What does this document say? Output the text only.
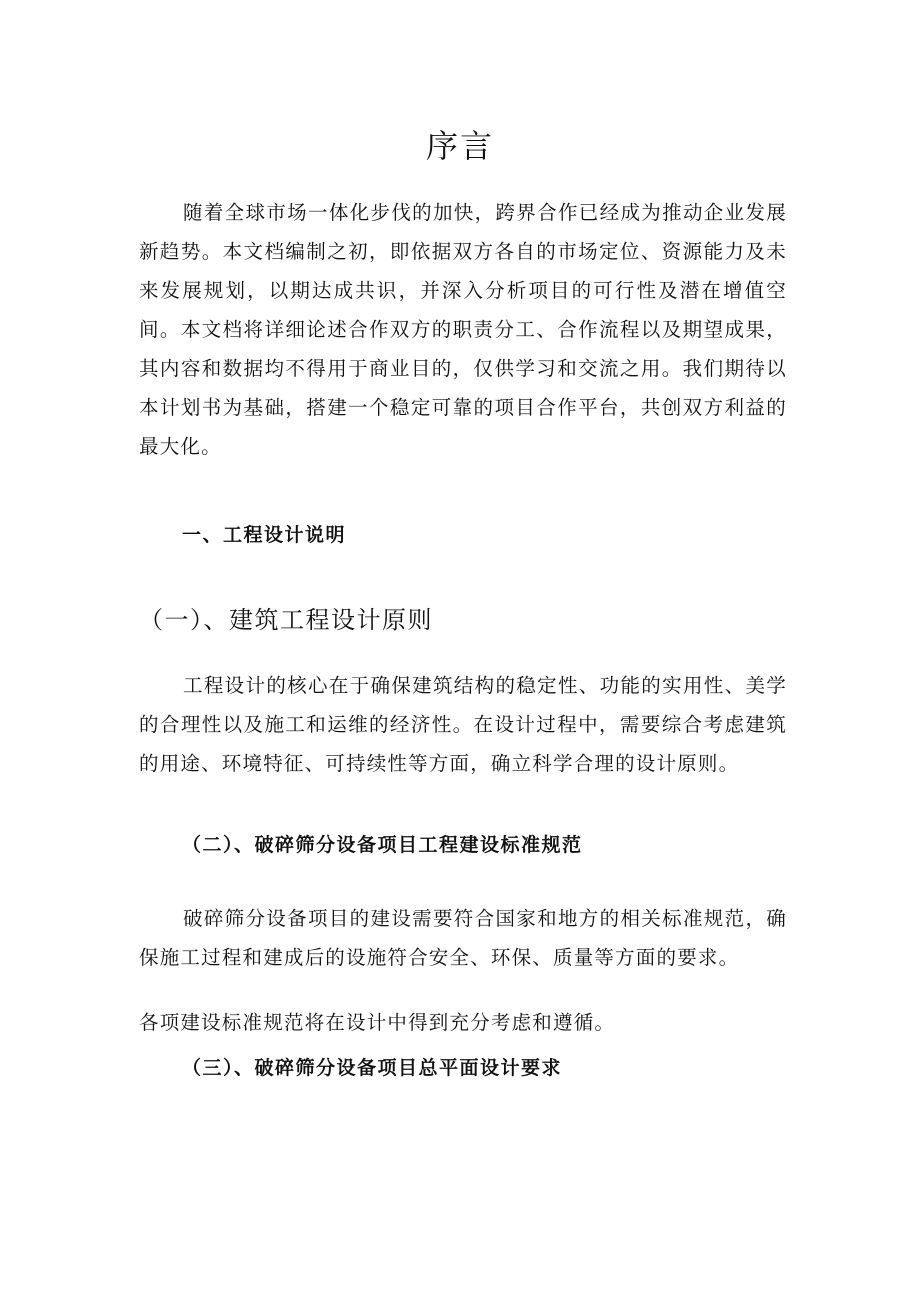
序言

随着全球市场一体化步伐的加快，跨界合作已经成为推动企业发展新趋势。本文档编制之初，即依据双方各自的市场定位、资源能力及未来发展规划，以期达成共识，并深入分析项目的可行性及潜在增值空间。本文档将详细论述合作双方的职责分工、合作流程以及期望成果，其内容和数据均不得用于商业目的，仅供学习和交流之用。我们期待以本计划书为基础，搭建一个稳定可靠的项目合作平台，共创双方利益的最大化。

一、工程设计说明
（一）、建筑工程设计原则

工程设计的核心在于确保建筑结构的稳定性、功能的实用性、美学的合理性以及施工和运维的经济性。在设计过程中，需要综合考虑建筑的用途、环境特征、可持续性等方面，确立科学合理的设计原则。

（二）、破碎筛分设备项目工程建设标准规范

破碎筛分设备项目的建设需要符合国家和地方的相关标准规范，确保施工过程和建成后的设施符合安全、环保、质量等方面的要求。

各项建设标准规范将在设计中得到充分考虑和遵循。

（三）、破碎筛分设备项目总平面设计要求
